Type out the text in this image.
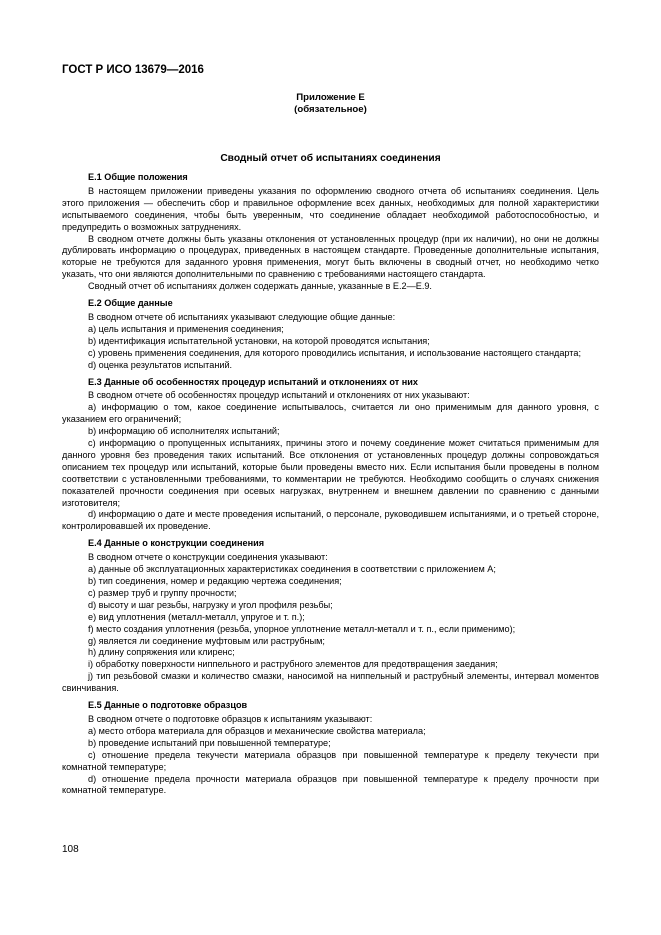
ГОСТ Р ИСО 13679—2016
Приложение Е
(обязательное)
Сводный отчет об испытаниях соединения
Е.1 Общие положения

В настоящем приложении приведены указания по оформлению сводного отчета об испытаниях соединения. Цель этого приложения — обеспечить сбор и правильное оформление всех данных, необходимых для полной характеристики испытываемого соединения, чтобы быть уверенным, что соединение обладает необходимой работоспособностью, и предупредить о возможных затруднениях.

В сводном отчете должны быть указаны отклонения от установленных процедур (при их наличии), но они не должны дублировать информацию о процедурах, приведенных в настоящем стандарте. Проведенные дополнительные испытания, которые не требуются для заданного уровня применения, могут быть включены в сводный отчет, но необходимо четко указать, что они являются дополнительными по сравнению с требованиями настоящего стандарта.

Сводный отчет об испытаниях должен содержать данные, указанные в Е.2—Е.9.

Е.2 Общие данные

В сводном отчете об испытаниях указывают следующие общие данные:

а) цель испытания и применения соединения;

b) идентификация испытательной установки, на которой проводятся испытания;

с) уровень применения соединения, для которого проводились испытания, и использование настоящего стандарта;

d) оценка результатов испытаний.

Е.3 Данные об особенностях процедур испытаний и отклонениях от них

В сводном отчете об особенностях процедур испытаний и отклонениях от них указывают:

а) информацию о том, какое соединение испытывалось, считается ли оно применимым для данного уровня, с указанием его ограничений;

b) информацию об исполнителях испытаний;

с) информацию о пропущенных испытаниях, причины этого и почему соединение может считаться применимым для данного уровня без проведения таких испытаний. Все отклонения от установленных процедур должны сопровождаться описанием тех процедур или испытаний, которые были проведены вместо них. Если испытания были проведены в полном соответствии с установленными требованиями, то комментарии не требуются. Необходимо сообщить о случаях снижения показателей прочности соединения при осевых нагрузках, внутреннем и внешнем давлении по сравнению с данными изготовителя;

d) информацию о дате и месте проведения испытаний, о персонале, руководившем испытаниями, и о третьей стороне, контролировавшей их проведение.

Е.4 Данные о конструкции соединения

В сводном отчете о конструкции соединения указывают:

а) данные об эксплуатационных характеристиках соединения в соответствии с приложением А;

b) тип соединения, номер и редакцию чертежа соединения;

с) размер труб и группу прочности;

d) высоту и шаг резьбы, нагрузку и угол профиля резьбы;

е) вид уплотнения (металл-металл, упругое и т. п.);

f) место создания уплотнения (резьба, упорное уплотнение металл-металл и т. п., если применимо);

g) является ли соединение муфтовым или раструбным;

h) длину сопряжения или клиренс;

i) обработку поверхности ниппельного и раструбного элементов для предотвращения заедания;

j) тип резьбовой смазки и количество смазки, наносимой на ниппельный и раструбный элементы, интервал моментов свинчивания.

Е.5 Данные о подготовке образцов

В сводном отчете о подготовке образцов к испытаниям указывают:

а) место отбора материала для образцов и механические свойства материала;

b) проведение испытаний при повышенной температуре;

с) отношение предела текучести материала образцов при повышенной температуре к пределу текучести при комнатной температуре;

d) отношение предела прочности материала образцов при повышенной температуре к пределу прочности при комнатной температуре.

108
